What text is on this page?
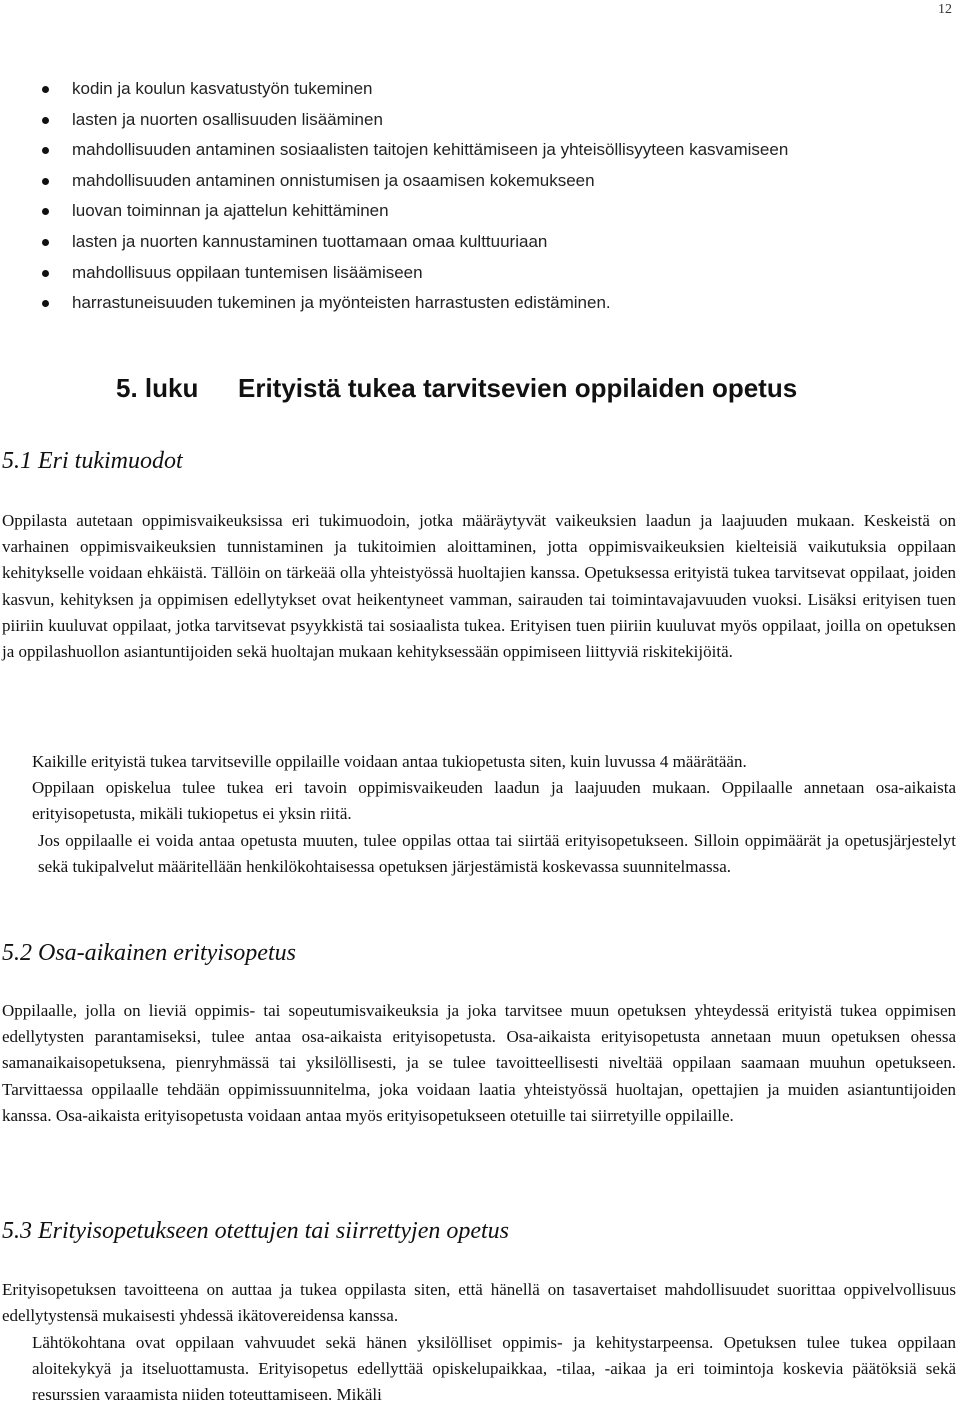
12
kodin ja koulun kasvatustyön tukeminen
lasten ja nuorten osallisuuden lisääminen
mahdollisuuden antaminen sosiaalisten taitojen kehittämiseen ja yhteisöllisyyteen kasvamiseen
mahdollisuuden antaminen onnistumisen ja osaamisen kokemukseen
luovan toiminnan ja ajattelun kehittäminen
lasten ja nuorten kannustaminen tuottamaan omaa kulttuuriaan
mahdollisuus oppilaan tuntemisen lisäämiseen
harrastuneisuuden tukeminen ja myönteisten harrastusten edistäminen.
5. luku Erityistä tukea tarvitsevien oppilaiden opetus
5.1 Eri tukimuodot

Oppilasta autetaan oppimisvaikeuksissa eri tukimuodoin, jotka määräytyvät vaikeuksien laadun ja laajuuden mukaan. Keskeistä on varhainen oppimisvaikeuksien tunnistaminen ja tukitoimien aloittaminen, jotta oppimisvaikeuksien kielteisiä vaikutuksia oppilaan kehitykselle voidaan ehkäistä. Tällöin on tärkeää olla yhteistyössä huoltajien kanssa. Opetuksessa erityistä tukea tarvitsevat oppilaat, joiden kasvun, kehityksen ja oppimisen edellytykset ovat heikentyneet vamman, sairauden tai toimintavajavuuden vuoksi. Lisäksi erityisen tuen piiriin kuuluvat oppilaat, jotka tarvitsevat psyykkistä tai sosiaalista tukea. Erityisen tuen piiriin kuuluvat myös oppilaat, joilla on opetuksen ja oppilashuollon asiantuntijoiden sekä huoltajan mukaan kehityksessään oppimiseen liittyviä riskitekijöitä.

Kaikille erityistä tukea tarvitseville oppilaille voidaan antaa tukiopetusta siten, kuin luvussa 4 määrätään.

Oppilaan opiskelua tulee tukea eri tavoin oppimisvaikeuden laadun ja laajuuden mukaan. Oppilaalle annetaan osa-aikaista erityisopetusta, mikäli tukiopetus ei yksin riitä.

Jos oppilaalle ei voida antaa opetusta muuten, tulee oppilas ottaa tai siirtää erityisopetukseen. Silloin oppimäärät ja opetusjärjestelyt sekä tukipalvelut määritellään henkilökohtaisessa opetuksen järjestämistä koskevassa suunnitelmassa.

5.2 Osa-aikainen erityisopetus

Oppilaalle, jolla on lieviä oppimis- tai sopeutumisvaikeuksia ja joka tarvitsee muun opetuksen yhteydessä erityistä tukea oppimisen edellytysten parantamiseksi, tulee antaa osa-aikaista erityisopetusta. Osa-aikaista erityisopetusta annetaan muun opetuksen ohessa samanaikaisopetuksena, pienryhmässä tai yksilöllisesti, ja se tulee tavoitteellisesti niveltää oppilaan saamaan muuhun opetukseen. Tarvittaessa oppilaalle tehdään oppimissuunnitelma, joka voidaan laatia yhteistyössä huoltajan, opettajien ja muiden asiantuntijoiden kanssa. Osa-aikaista erityisopetusta voidaan antaa myös erityisopetukseen otetuille tai siirretyille oppilaille.

5.3 Erityisopetukseen otettujen tai siirrettyjen opetus

Erityisopetuksen tavoitteena on auttaa ja tukea oppilasta siten, että hänellä on tasavertaiset mahdollisuudet suorittaa oppivelvollisuus edellytystensä mukaisesti yhdessä ikätovereidensa kanssa.

Lähtökohtana ovat oppilaan vahvuudet sekä hänen yksilölliset oppimis- ja kehitystarpeensa. Opetuksen tulee tukea oppilaan aloitekykyä ja itseluottamusta. Erityisopetus edellyttää opiskelupaikkaa, -tilaa, -aikaa ja eri toimintoja koskevia päätöksiä sekä resurssien varaamista niiden toteuttamiseen. Mikäli
